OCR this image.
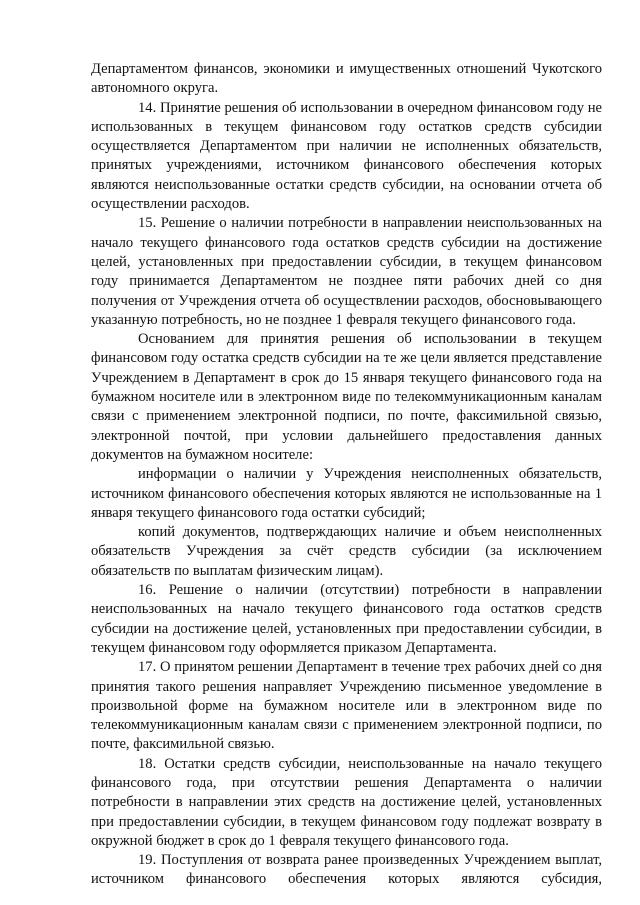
Департаментом финансов, экономики и имущественных отношений Чукотского автономного округа.

14. Принятие решения об использовании в очередном финансовом году не использованных в текущем финансовом году остатков средств субсидии осуществляется Департаментом при наличии не исполненных обязательств, принятых учреждениями, источником финансового обеспечения которых являются неиспользованные остатки средств субсидии, на основании отчета об осуществлении расходов.

15. Решение о наличии потребности в направлении неиспользованных на начало текущего финансового года остатков средств субсидии на достижение целей, установленных при предоставлении субсидии, в текущем финансовом году принимается Департаментом не позднее пяти рабочих дней со дня получения от Учреждения отчета об осуществлении расходов, обосновывающего указанную потребность, но не позднее 1 февраля текущего финансового года.

Основанием для принятия решения об использовании в текущем финансовом году остатка средств субсидии на те же цели является представление Учреждением в Департамент в срок до 15 января текущего финансового года на бумажном носителе или в электронном виде по телекоммуникационным каналам связи с применением электронной подписи, по почте, факсимильной связью, электронной почтой, при условии дальнейшего предоставления данных документов на бумажном носителе:

информации о наличии у Учреждения неисполненных обязательств, источником финансового обеспечения которых являются не использованные на 1 января текущего финансового года остатки субсидий;

копий документов, подтверждающих наличие и объем неисполненных обязательств Учреждения за счёт средств субсидии (за исключением обязательств по выплатам физическим лицам).

16. Решение о наличии (отсутствии) потребности в направлении неиспользованных на начало текущего финансового года остатков средств субсидии на достижение целей, установленных при предоставлении субсидии, в текущем финансовом году оформляется приказом Департамента.

17. О принятом решении Департамент в течение трех рабочих дней со дня принятия такого решения направляет Учреждению письменное уведомление в произвольной форме на бумажном носителе или в электронном виде по телекоммуникационным каналам связи с применением электронной подписи, по почте, факсимильной связью.

18. Остатки средств субсидии, неиспользованные на начало текущего финансового года, при отсутствии решения Департамента о наличии потребности в направлении этих средств на достижение целей, установленных при предоставлении субсидии, в текущем финансовом году подлежат возврату в окружной бюджет в срок до 1 февраля текущего финансового года.

19. Поступления от возврата ранее произведенных Учреждением выплат, источником финансового обеспечения которых являются субсидия,
